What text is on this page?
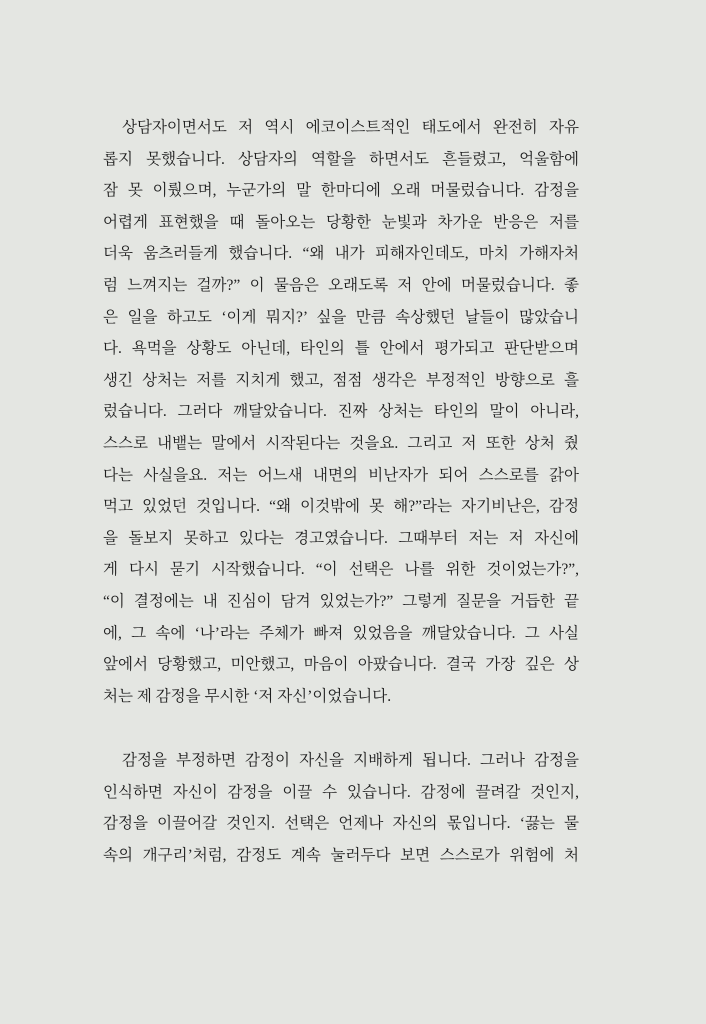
상담자이면서도 저 역시 에코이스트적인 태도에서 완전히 자유
롭지 못했습니다. 상담자의 역할을 하면서도 흔들렸고, 억울함에
잠 못 이뤘으며, 누군가의 말 한마디에 오래 머물렀습니다. 감정을
어렵게 표현했을 때 돌아오는 당황한 눈빛과 차가운 반응은 저를
더욱 움츠러들게 했습니다. “왜 내가 피해자인데도, 마치 가해자처
럼 느껴지는 걸까?” 이 물음은 오래도록 저 안에 머물렀습니다. 좋
은 일을 하고도 ‘이게 뭐지?’ 싶을 만큼 속상했던 날들이 많았습니
다. 욕먹을 상황도 아닌데, 타인의 틀 안에서 평가되고 판단받으며
생긴 상처는 저를 지치게 했고, 점점 생각은 부정적인 방향으로 흘
렀습니다. 그러다 깨달았습니다. 진짜 상처는 타인의 말이 아니라,
스스로 내뱉는 말에서 시작된다는 것을요. 그리고 저 또한 상처 줬
다는 사실을요. 저는 어느새 내면의 비난자가 되어 스스로를 갉아
먹고 있었던 것입니다. “왜 이것밖에 못 해?”라는 자기비난은, 감정
을 돌보지 못하고 있다는 경고였습니다. 그때부터 저는 저 자신에
게 다시 묻기 시작했습니다. “이 선택은 나를 위한 것이었는가?”,
“이 결정에는 내 진심이 담겨 있었는가?” 그렇게 질문을 거듭한 끝
에, 그 속에 ‘나’라는 주체가 빠져 있었음을 깨달았습니다. 그 사실
앞에서 당황했고, 미안했고, 마음이 아팠습니다. 결국 가장 깊은 상
처는 제 감정을 무시한 ‘저 자신’이었습니다.
감정을 부정하면 감정이 자신을 지배하게 됩니다. 그러나 감정을
인식하면 자신이 감정을 이끌 수 있습니다. 감정에 끌려갈 것인지,
감정을 이끌어갈 것인지. 선택은 언제나 자신의 몫입니다. ‘끓는 물
속의 개구리’처럼, 감정도 계속 눌러두다 보면 스스로가 위험에 처
